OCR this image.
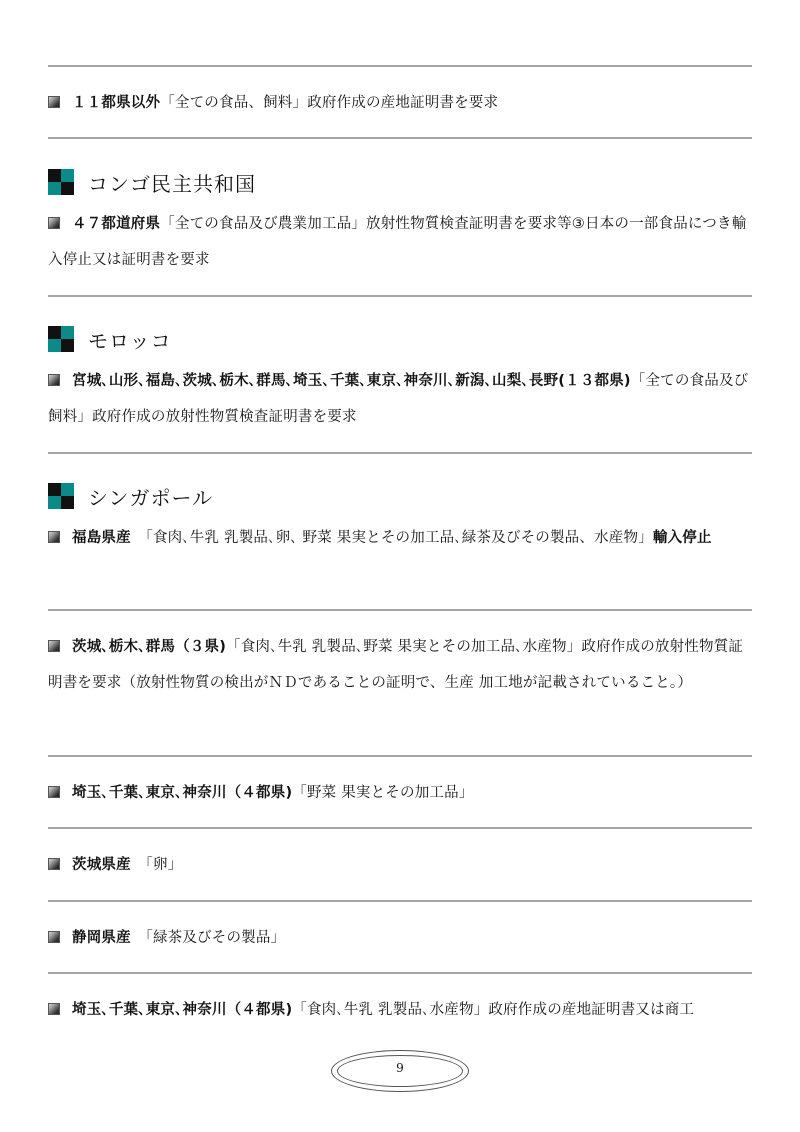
１１都県以外「全ての食品、飼料」政府作成の産地証明書を要求
コンゴ民主共和国
４７都道府県「全ての食品及び農業加工品」放射性物質検査証明書を要求等③日本の一部食品につき輸入停止又は証明書を要求
モロッコ
宮城､山形､福島､茨城､栃木､群馬､埼玉､千葉､東京､神奈川､新潟､山梨､長野(１３都県)「全ての食品及び飼料」政府作成の放射性物質検査証明書を要求
シンガポール
福島県産　「食肉､牛乳 乳製品､卵､ 野菜 果実とその加工品､緑茶及びその製品、水産物」輸入停止
茨城､栃木､群馬（３県)「食肉､牛乳 乳製品､野菜 果実とその加工品､水産物」政府作成の放射性物質証明書を要求（放射性物質の検出がＮＤであることの証明で、生産 加工地が記載されていること。）
埼玉､千葉､東京､神奈川（４都県)「野菜 果実とその加工品」
茨城県産　「卵」
静岡県産　「緑茶及びその製品」
埼玉､千葉､東京､神奈川（４都県)「食肉､牛乳 乳製品､水産物」政府作成の産地証明書又は商工
9
